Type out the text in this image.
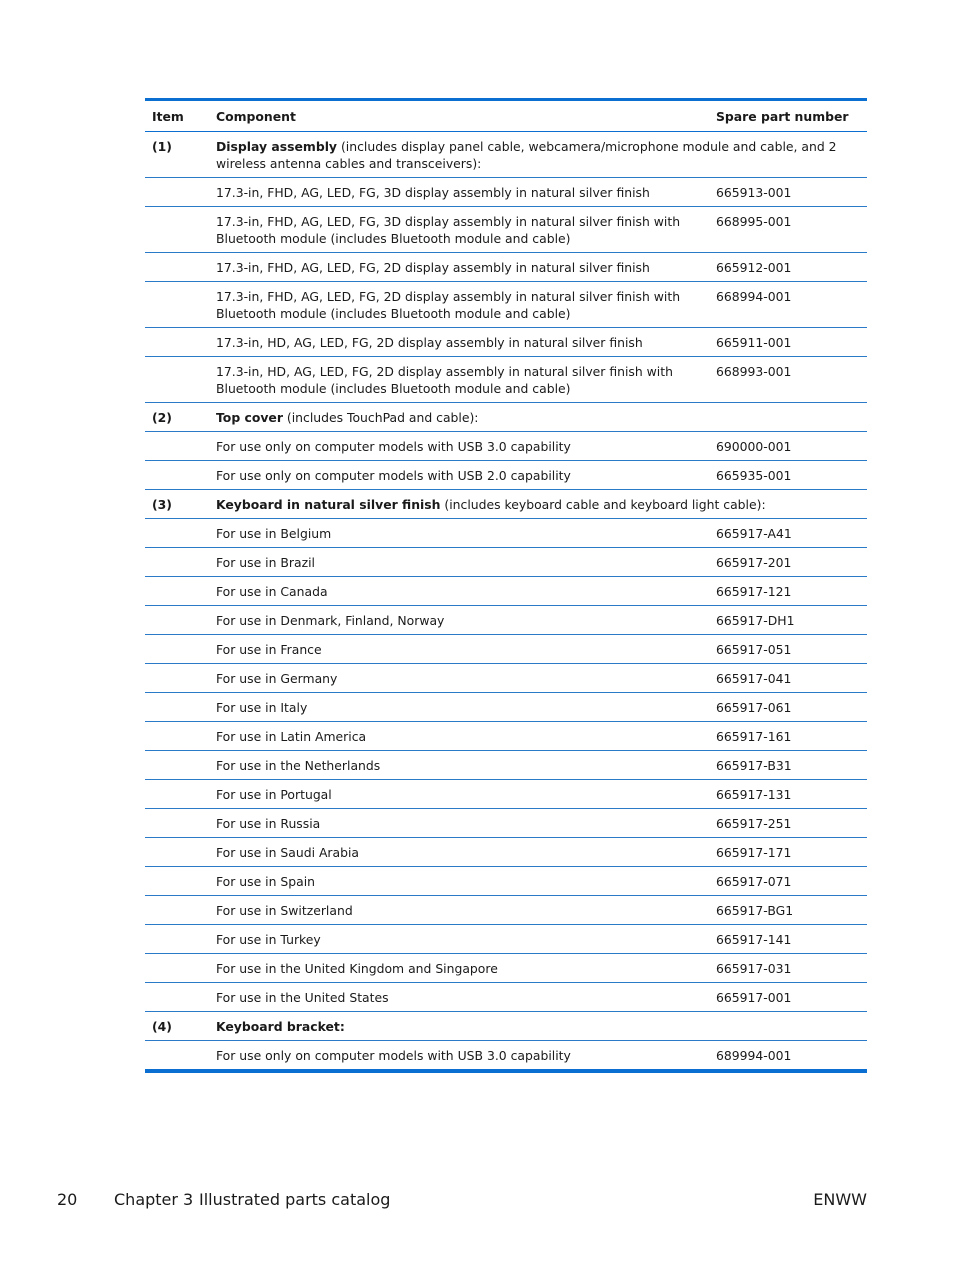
Item	Component	Spare part number
(1)	Display assembly (includes display panel cable, webcamera/microphone module and cable, and 2 wireless antenna cables and transceivers):	
	17.3-in, FHD, AG, LED, FG, 3D display assembly in natural silver finish	665913-001
	17.3-in, FHD, AG, LED, FG, 3D display assembly in natural silver finish with Bluetooth module (includes Bluetooth module and cable)	668995-001
	17.3-in, FHD, AG, LED, FG, 2D display assembly in natural silver finish	665912-001
	17.3-in, FHD, AG, LED, FG, 2D display assembly in natural silver finish with Bluetooth module (includes Bluetooth module and cable)	668994-001
	17.3-in, HD, AG, LED, FG, 2D display assembly in natural silver finish	665911-001
	17.3-in, HD, AG, LED, FG, 2D display assembly in natural silver finish with Bluetooth module (includes Bluetooth module and cable)	668993-001
(2)	Top cover (includes TouchPad and cable):	
	For use only on computer models with USB 3.0 capability	690000-001
	For use only on computer models with USB 2.0 capability	665935-001
(3)	Keyboard in natural silver finish (includes keyboard cable and keyboard light cable):	
	For use in Belgium	665917-A41
	For use in Brazil	665917-201
	For use in Canada	665917-121
	For use in Denmark, Finland, Norway	665917-DH1
	For use in France	665917-051
	For use in Germany	665917-041
	For use in Italy	665917-061
	For use in Latin America	665917-161
	For use in the Netherlands	665917-B31
	For use in Portugal	665917-131
	For use in Russia	665917-251
	For use in Saudi Arabia	665917-171
	For use in Spain	665917-071
	For use in Switzerland	665917-BG1
	For use in Turkey	665917-141
	For use in the United Kingdom and Singapore	665917-031
	For use in the United States	665917-001
(4)	Keyboard bracket:	
	For use only on computer models with USB 3.0 capability	689994-001
20 Chapter 3 Illustrated parts catalog	ENWW
